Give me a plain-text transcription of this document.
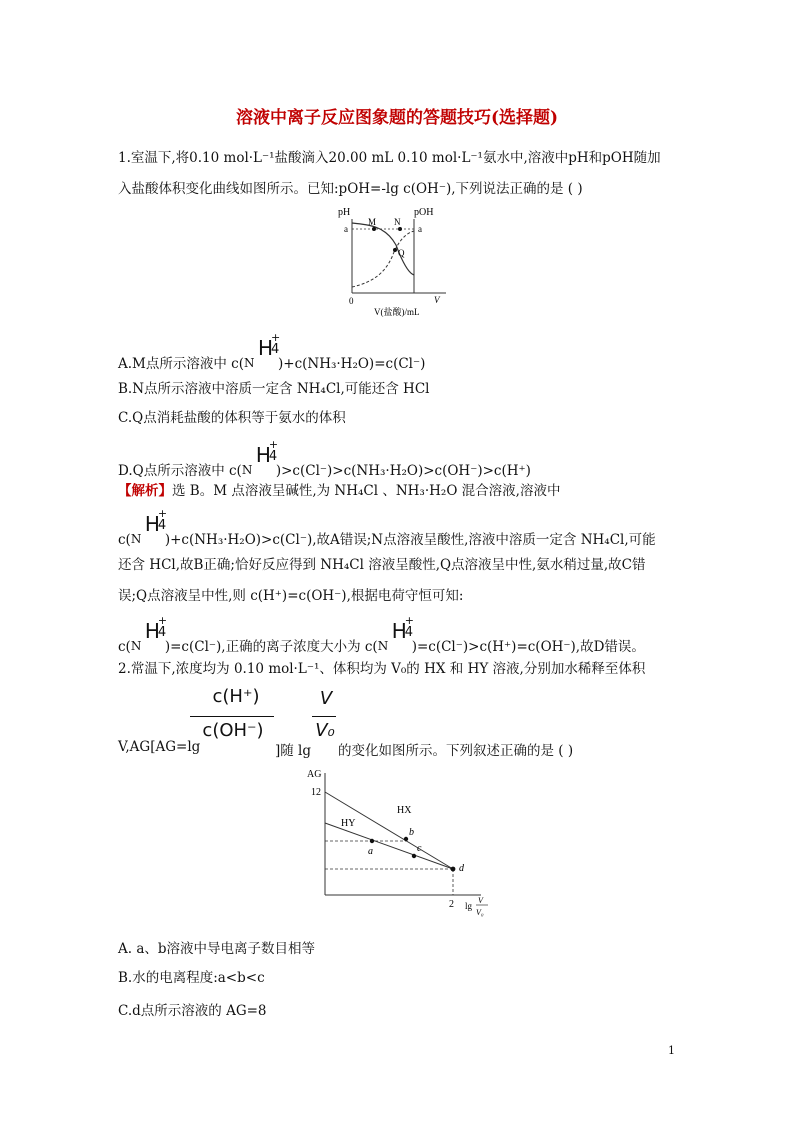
溶液中离子反应图象题的答题技巧(选择题)
1.室温下,将0.10 mol·L⁻¹盐酸滴入20.00 mL 0.10 mol·L⁻¹氨水中,溶液中pH和pOH随加
入盐酸体积变化曲线如图所示。已知:pOH=-lg c(OH⁻),下列说法正确的是 ( )
pH	pOH
a	a
M N
Q
0	V
V(盐酸)/mL
A.M点所示溶液中 c( N
H
+
4
)+c(NH₃·H₂O)=c(Cl⁻)
B.N点所示溶液中溶质一定含 NH₄Cl,可能还含 HCl
C.Q点消耗盐酸的体积等于氨水的体积
D.Q点所示溶液中 c( N
H
+
4
)>c(Cl⁻)>c(NH₃·H₂O)>c(OH⁻)>c(H⁺)
【解析】选 B。M 点溶液呈碱性,为 NH₄Cl 、NH₃·H₂O 混合溶液,溶液中
c( N
H
+
4
)+c(NH₃·H₂O)>c(Cl⁻),故A错误;N点溶液呈酸性,溶液中溶质一定含 NH₄Cl,可能
还含 HCl,故B正确;恰好反应得到 NH₄Cl 溶液呈酸性,Q点溶液呈中性,氨水稍过量,故C错
误;Q点溶液呈中性,则 c(H⁺)=c(OH⁻),根据电荷守恒可知:
c( N
H
+
4
)=c(Cl⁻),正确的离子浓度大小为 c( N
H
+
4
)=c(Cl⁻)>c(H⁺)=c(OH⁻),故D错误。
2.常温下,浓度均为 0.10 mol·L⁻¹、体积均为 V₀的 HX 和 HY 溶液,分别加水稀释至体积
c(H⁺)
c(OH⁻)
V
V₀
V,AG[AG=lg	]随 lg 的变化如图所示。下列叙述正确的是 ( )
AG
12
HX
HY
a
b
c
d
2 lg
V
V₀
A. a、b溶液中导电离子数目相等
B.水的电离程度:a<b<c
C.d点所示溶液的 AG=8
1
